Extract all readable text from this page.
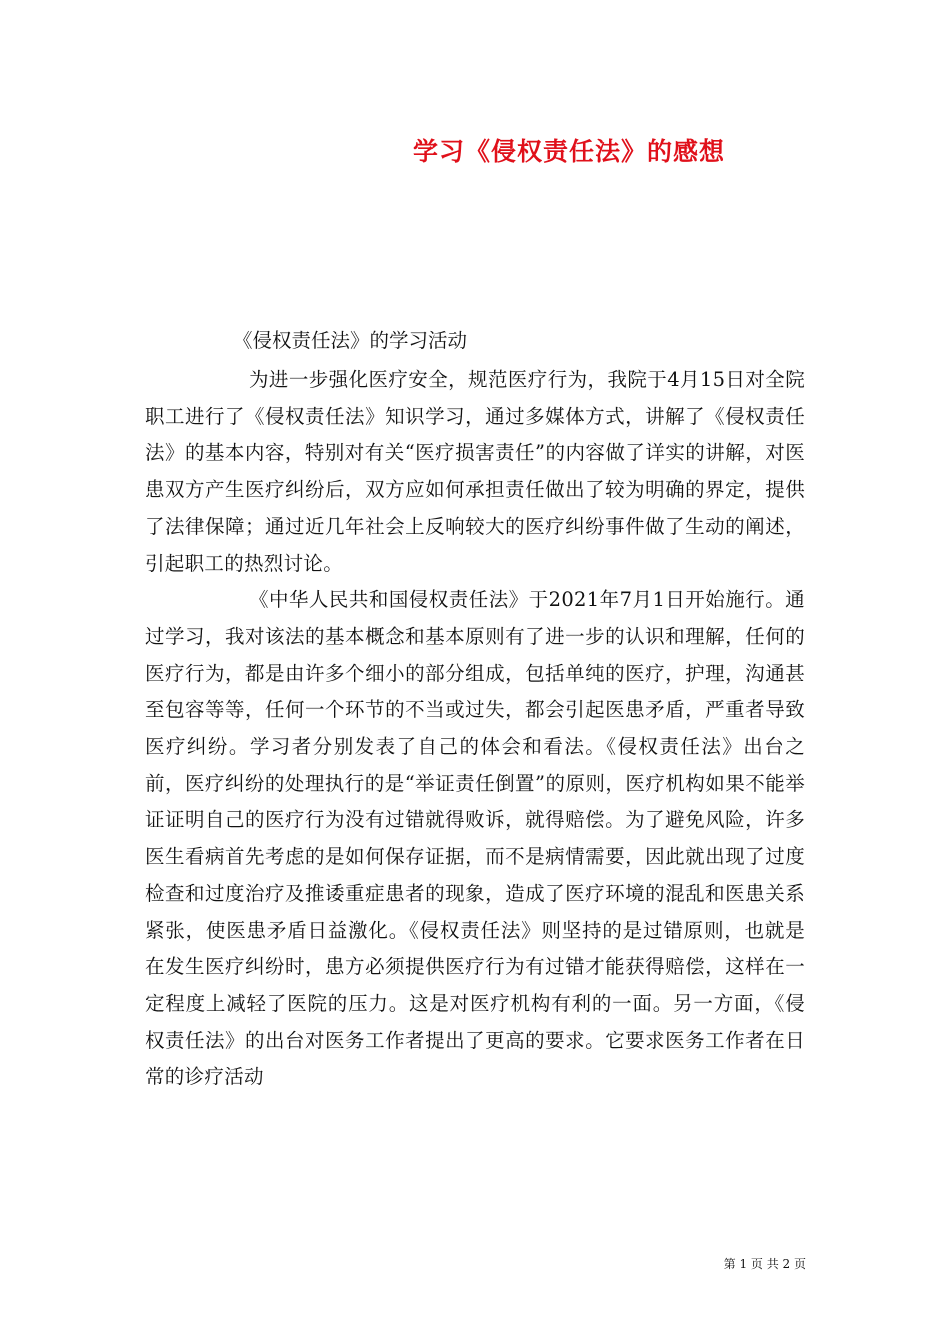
学习《侵权责任法》的感想
《侵权责任法》的学习活动

为进一步强化医疗安全，规范医疗行为，我院于4月15日对全院职工进行了《侵权责任法》知识学习，通过多媒体方式，讲解了《侵权责任法》的基本内容，特别对有关“医疗损害责任”的内容做了详实的讲解，对医患双方产生医疗纠纷后，双方应如何承担责任做出了较为明确的界定，提供了法律保障；通过近几年社会上反响较大的医疗纠纷事件做了生动的阐述，引起职工的热烈讨论。

《中华人民共和国侵权责任法》于2021年7月1日开始施行。通过学习，我对该法的基本概念和基本原则有了进一步的认识和理解，任何的医疗行为，都是由许多个细小的部分组成，包括单纯的医疗，护理，沟通甚至包容等等，任何一个环节的不当或过失，都会引起医患矛盾，严重者导致医疗纠纷。学习者分别发表了自己的体会和看法。《侵权责任法》出台之前，医疗纠纷的处理执行的是“举证责任倒置”的原则，医疗机构如果不能举证证明自己的医疗行为没有过错就得败诉，就得赔偿。为了避免风险，许多医生看病首先考虑的是如何保存证据，而不是病情需要，因此就出现了过度检查和过度治疗及推诿重症患者的现象，造成了医疗环境的混乱和医患关系紧张，使医患矛盾日益激化。《侵权责任法》则坚持的是过错原则，也就是在发生医疗纠纷时，患方必须提供医疗行为有过错才能获得赔偿，这样在一定程度上减轻了医院的压力。这是对医疗机构有利的一面。另一方面，《侵权责任法》的出台对医务工作者提出了更高的要求。它要求医务工作者在日常的诊疗活动

第 1 页 共 2 页
